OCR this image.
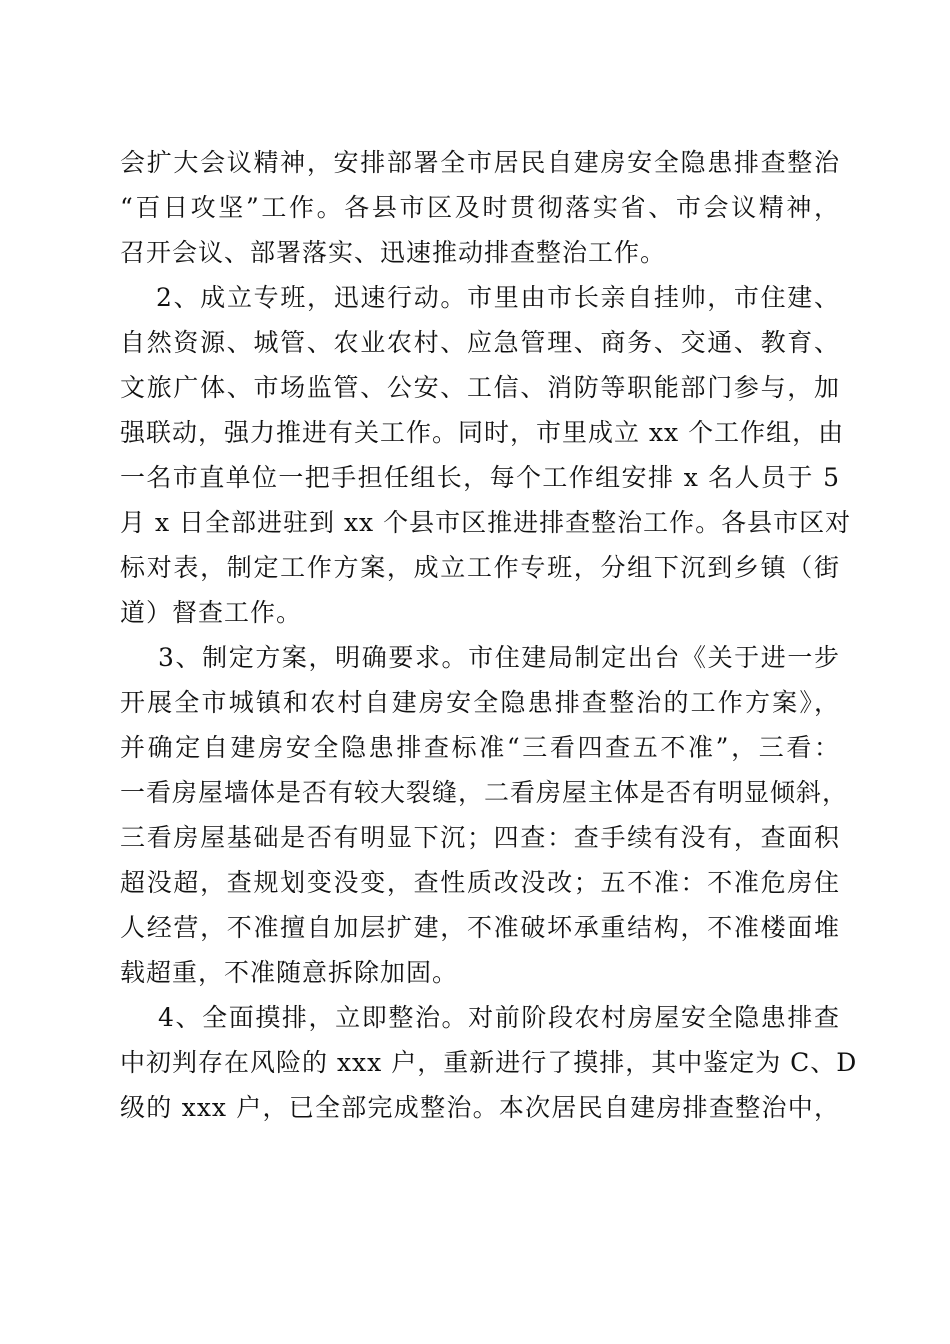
会扩大会议精神，安排部署全市居民自建房安全隐患排查整治
“百日攻坚”工作。各县市区及时贯彻落实省、市会议精神，
召开会议、部署落实、迅速推动排查整治工作。
2、成立专班，迅速行动。市里由市长亲自挂帅，市住建、
自然资源、城管、农业农村、应急管理、商务、交通、教育、
文旅广体、市场监管、公安、工信、消防等职能部门参与，加
强联动，强力推进有关工作。同时，市里成立 xx 个工作组，由
一名市直单位一把手担任组长，每个工作组安排 x 名人员于 5
月 x 日全部进驻到 xx 个县市区推进排查整治工作。各县市区对
标对表，制定工作方案，成立工作专班，分组下沉到乡镇（街
道）督查工作。
3、制定方案，明确要求。市住建局制定出台《关于进一步
开展全市城镇和农村自建房安全隐患排查整治的工作方案》，
并确定自建房安全隐患排查标准“三看四查五不准”，三看：
一看房屋墙体是否有较大裂缝，二看房屋主体是否有明显倾斜，
三看房屋基础是否有明显下沉；四查：查手续有没有，查面积
超没超，查规划变没变，查性质改没改；五不准：不准危房住
人经营，不准擅自加层扩建，不准破坏承重结构，不准楼面堆
载超重，不准随意拆除加固。
4、全面摸排，立即整治。对前阶段农村房屋安全隐患排查
中初判存在风险的 xxx 户，重新进行了摸排，其中鉴定为 C、D
级的 xxx 户，已全部完成整治。本次居民自建房排查整治中，
